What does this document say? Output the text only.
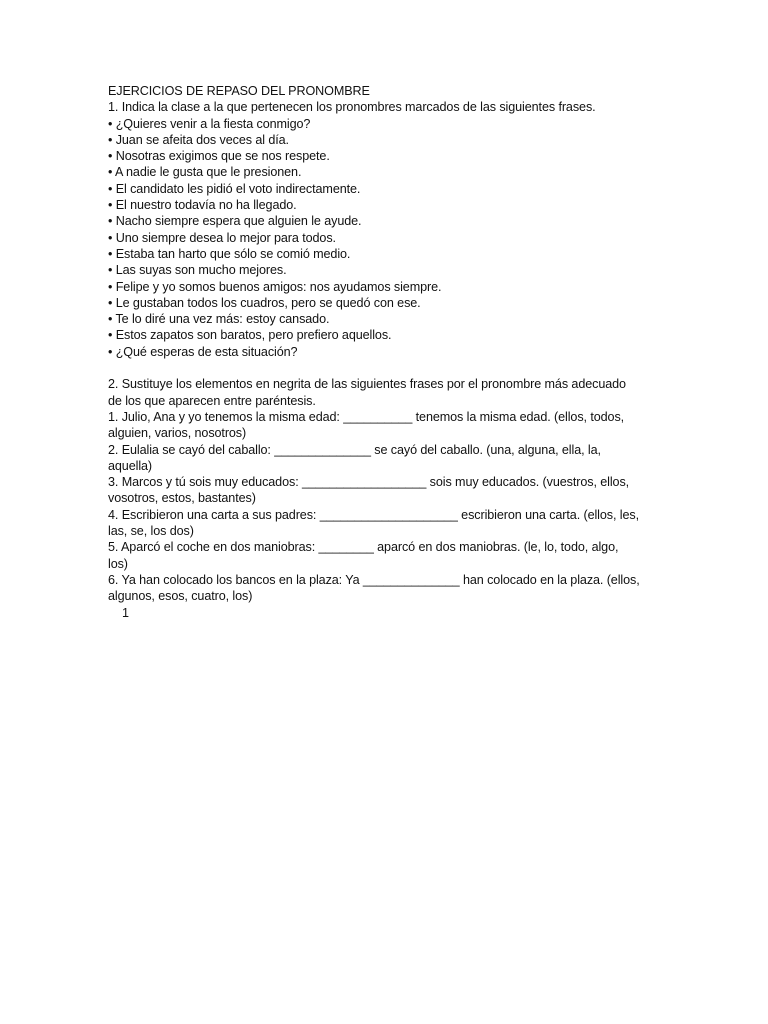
EJERCICIOS DE REPASO DEL PRONOMBRE
1. Indica la clase a la que pertenecen los pronombres marcados de las siguientes frases.
• ¿Quieres venir a la fiesta conmigo?
• Juan se afeita dos veces al día.
• Nosotras exigimos que se nos respete.
• A nadie le gusta que le presionen.
• El candidato les pidió el voto indirectamente.
• El nuestro todavía no ha llegado.
• Nacho siempre espera que alguien le ayude.
• Uno siempre desea lo mejor para todos.
• Estaba tan harto que sólo se comió medio.
• Las suyas son mucho mejores.
• Felipe y yo somos buenos amigos: nos ayudamos siempre.
• Le gustaban todos los cuadros, pero se quedó con ese.
• Te lo diré una vez más: estoy cansado.
• Estos zapatos son baratos, pero prefiero aquellos.
• ¿Qué esperas de esta situación?
2. Sustituye los elementos en negrita de las siguientes frases por el pronombre más adecuado
de los que aparecen entre paréntesis.
1. Julio, Ana y yo tenemos la misma edad: __________ tenemos la misma edad. (ellos, todos,
alguien, varios, nosotros)
2. Eulalia se cayó del caballo: ______________ se cayó del caballo. (una, alguna, ella, la,
aquella)
3. Marcos y tú sois muy educados: __________________ sois muy educados. (vuestros, ellos,
vosotros, estos, bastantes)
4. Escribieron una carta a sus padres: ____________________ escribieron una carta. (ellos, les,
las, se, los dos)
5. Aparcó el coche en dos maniobras: ________ aparcó en dos maniobras. (le, lo, todo, algo,
los)
6. Ya han colocado los bancos en la plaza: Ya ______________ han colocado en la plaza. (ellos,
algunos, esos, cuatro, los)
1
